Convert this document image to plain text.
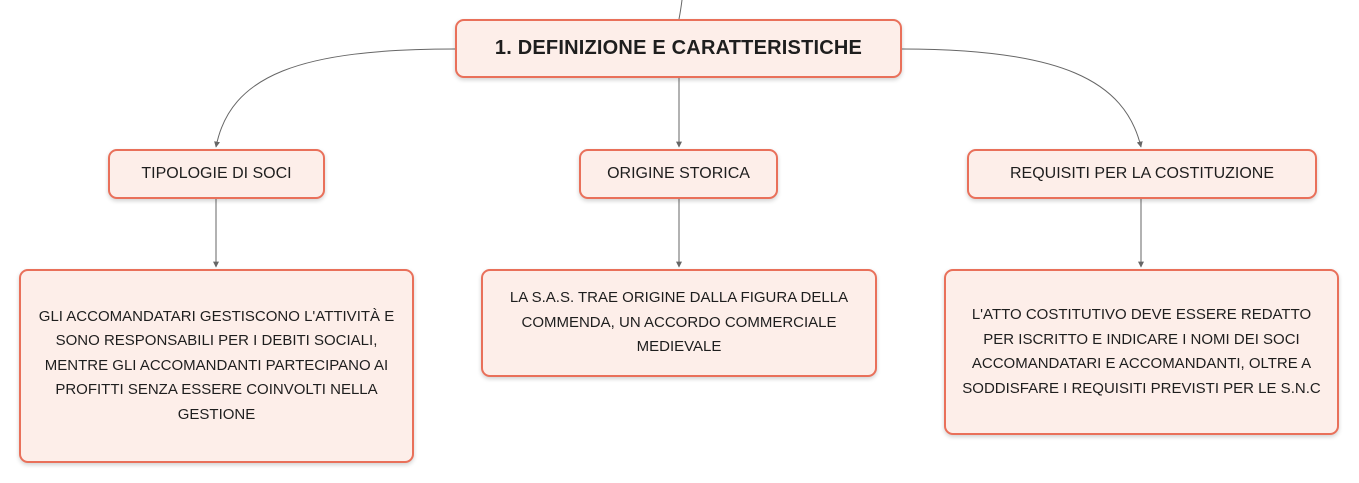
1. DEFINIZIONE E CARATTERISTICHE
TIPOLOGIE DI SOCI	ORIGINE STORICA	REQUISITI PER LA COSTITUZIONE
GLI ACCOMANDATARI GESTISCONO L'ATTIVITÀ E SONO RESPONSABILI PER I DEBITI SOCIALI, MENTRE GLI ACCOMANDANTI PARTECIPANO AI PROFITTI SENZA ESSERE COINVOLTI NELLA GESTIONE
LA S.A.S. TRAE ORIGINE DALLA FIGURA DELLA COMMENDA, UN ACCORDO COMMERCIALE MEDIEVALE
L'ATTO COSTITUTIVO DEVE ESSERE REDATTO PER ISCRITTO E INDICARE I NOMI DEI SOCI ACCOMANDATARI E ACCOMANDANTI, OLTRE A SODDISFARE I REQUISITI PREVISTI PER LE S.N.C
